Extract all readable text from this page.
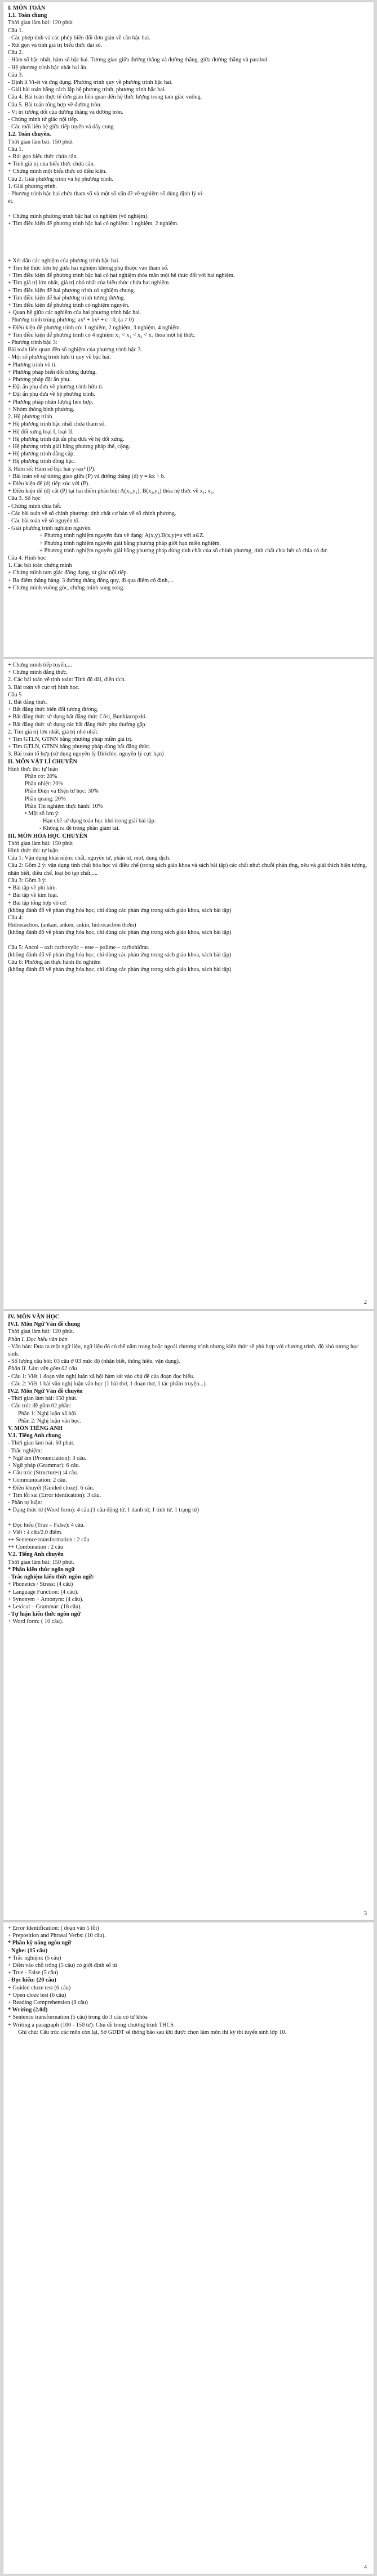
I. MÔN TOÁN
1.1. Toán chung
Thời gian làm bài: 120 phút
Câu 1.
- Các phép tính và các phép biến đổi đơn giản về căn bậc hai.
- Rút gọn và tính giá trị biểu thức đại số.
Câu 2.
- Hàm số bậc nhất, hàm số bậc hai. Tương giao giữa đường thẳng và đường thẳng, giữa đường thẳng và parabol.
- Hệ phương trình bậc nhất hai ẩn.
Câu 3.
- Định lí Vi-ét và ứng dụng. Phương trình quy về phương trình bậc hai.
- Giải bài toán bằng cách lập hệ phương trình, phương trình bậc hai.
Câu 4. Bài toán thực tế đơn giản liên quan đến hệ thức lượng trong tam giác vuông.
Câu 5. Bài toán tổng hợp về đường tròn.
- Vị trí tương đối của đường thẳng và đường tròn.
- Chứng minh tứ giác nội tiếp.
- Các mối liên hệ giữa tiếp tuyến và dây cung.
1.2. Toán chuyên.
Thời gian làm bài: 150 phút
Câu 1.
+ Rút gọn biểu thức chứa căn.
+ Tính giá trị của biểu thức chứa căn.
+ Chứng minh một biểu thức có điều kiện.
Câu 2. Giải phương trình và hệ phương trình.
1. Giải phương trình.
- Phương trình bậc hai chứa tham số và một số vấn đề về nghiệm số dùng định lý vi-
ét.
+ Chứng minh phương trình bậc hai có nghiệm (vô nghiệm).
+ Tìm điều kiện để phương trình bậc hai có nghiệm: 1 nghiệm, 2 nghiệm.
+ Xét dấu các nghiệm của phương trình bậc hai.
+ Tìm hệ thức liên hệ giữa hai nghiệm không phụ thuộc vào tham số.
+ Tìm điều kiện để phương trình bậc hai có hai nghiệm thỏa mãn một hệ thức đối với hai nghiệm.
+ Tìm giá trị lớn nhất, giá trị nhỏ nhất của biểu thức chứa hai nghiệm.
+ Tìm điều kiện để hai phương trình có nghiệm chung.
+ Tìm điều kiện để hai phương trình tương đương.
+ Tìm điều kiện để phương trình có nghiệm nguyên.
+ Quan hệ giữa các nghiệm của hai phương trình bậc hai.
- Phương trình trùng phương: ax⁴ + bx² + c =0, (a ≠ 0)
+ Điều kiện để phương trình có: 1 nghiệm, 2 nghiệm, 3 nghiệm, 4 nghiệm.
+ Tìm điều kiện để phương trình có 4 nghiệm x₁ < x₂ < x₃ < x₄ thỏa một hệ thức.
- Phương trình bậc 3:
Bài toán liên quan đến số nghiệm của phương trình bậc 3.
- Một số phương trình hữu tỉ quy về bậc hai.
+ Phương trình vô tỉ.
+ Phương pháp biến đổi tương đương.
+ Phương pháp đặt ẩn phụ.
+ Đặt ẩn phụ đưa về phương trình hữu tỉ.
+ Đặt ẩn phụ đưa về hệ phương trình.
+ Phương pháp nhân lượng liên hợp.
+ Nhóm thông bình phương.
2. Hệ phương trình
+ Hệ phương trình bậc nhất chứa tham số.
+ Hệ đối xứng loại I, loại II.
+ Hệ phương trình đặt ẩn phụ đưa về hệ đối xứng.
+ Hệ phương trình giải bằng phương pháp thế, cộng.
+ Hệ phương trình đẳng cấp.
+ Hệ phương trình đồng bậc.
3. Hàm số: Hàm số bậc hai y=ax² (P).
+ Bài toán về sự tương giao giữa (P) và đường thẳng (d) y = kx + b.
+ Điều kiện để (d) tiếp xúc với (P).
+ Điều kiện để (d) cắt (P) tại hai điểm phân biệt A(x₁,y₁), B(x₂,y₂) thỏa hệ thức về x₁; x₂.
Câu 3. Số học
- Chứng minh chia hết.
- Các bài toán về số chính phương: tính chất cơ bản về số chính phương.
- Các bài toán về số nguyên tố.
- Giải phương trình nghiệm nguyên.
+ Phương trình nghiệm nguyên đưa về dạng: A(x,y).B(x,y)=a với a∈Z.
+ Phương trình nghiệm nguyên giải bằng phương pháp giới hạn miền nghiệm.
+ Phương trình nghiệm nguyên giải bằng phương pháp dùng tính chất của số chính phương, tính chất chia hết và chia có dư.
Câu 4. Hình học
1. Các bài toán chứng minh
+ Chứng minh tam giác đồng dạng, tứ giác nội tiếp.
+ Ba điểm thẳng hàng, 3 đường thẳng đồng quy, đi qua điểm cố định,...
+ Chứng minh vuông góc, chứng minh song song.
+ Chứng minh tiếp tuyến,...
+ Chứng minh đẳng thức.
2. Các bài toán về tính toán: Tính độ dài, diện tích.
3. Bài toán về cực trị hình học.
Câu 5
1. Bất đẳng thức.
+ Bất đẳng thức biến đổi tương đương.
+ Bất đẳng thức sử dụng bất đẳng thức Côsi, Bunhiacopxki.
+ Bất đẳng thức sử dụng các bất đẳng thức phụ thường gặp.
2. Tìm giá trị lớn nhất, giá trị nhỏ nhất.
+ Tìm GTLN, GTNN bằng phương pháp miền giá trị.
+ Tìm GTLN, GTNN bằng phương pháp dùng bất đẳng thức.
3. Bài toán tổ hợp (sử dụng nguyên lý Dirichle, nguyên lý cực hạn)
II. MÔN VẬT LÍ CHUYÊN
Hình thức thi: tự luận
Phần cơ: 20%
Phần nhiệt: 20%
Phần Điện và Điện từ học: 30%
Phần quang: 20%
Phần Thí nghiệm thực hành: 10%
• Một số lưu ý:
- Hạn chế sử dụng toán học khó trong giải bài tập.
- Không ra đề trong phần giảm tải.
III. MÔN HÓA HỌC CHUYÊN
Thời gian làm bài: 150 phút
Hình thức thi: tự luận
Câu 1: Vận dụng khái niệm: chất, nguyên tử, phân tử, mol, dung dịch.
Câu 2: Gồm 2 ý: vận dụng tính chất hóa học và điều chế (trong sách giáo khoa và sách bài tập) các chất như: chuỗi phản ứng, nêu và giải thích hiện tượng, nhận biết, điều chế, loại bỏ tạp chất,....
Câu 3: Gồm 3 ý:
+ Bài tập về phi kim.
+ Bài tập về kim loại.
+ Bài tập tổng hợp vô cơ.
(không đánh đố về phản ứng hóa học, chỉ dùng các phản ứng trong sách giáo khoa, sách bài tập)
Câu 4:
Hidrocacbon. (ankan, anken, ankin, hidrocacbon thơm)
(không đánh đố về phản ứng hóa học, chỉ dùng các phản ứng trong sách giáo khoa, sách bài tập)
Câu 5: Ancol – axit carboxylic – este – polime – carbohiđrat.
(không đánh đố về phản ứng hóa học, chỉ dùng các phản ứng trong sách giáo khoa, sách bài tập)
Câu 6: Phương án thực hành thí nghiệm
(không đánh đố về phản ứng hóa học, chỉ dùng các phản ứng trong sách giáo khoa, sách bài tập)
2
IV. MÔN VĂN HỌC
IV.1. Môn Ngữ Văn đề chung
Thời gian làm bài: 120 phút.
Phần I. Đọc hiểu văn bản
- Văn bản: Đưa ra một ngữ liệu, ngữ liệu đó có thể nằm trong hoặc ngoài chương trình nhưng kiến thức sẽ phù hợp với chương trình, độ khó tương học sinh.
- Số lượng câu hỏi: 03 câu ở 03 mức độ (nhận biết, thông hiểu, vận dụng).
Phần II. Làm văn gồm 02 câu
- Câu 1: Viết 1 đoạn văn nghị luận xã hội hàm sát vào chủ đề của đoạn đọc hiểu.
- Câu 2: Viết 1 bài văn nghị luận văn học (1 bài thơ, 1 đoạn thơ, 1 tác phẩm truyện...).
IV.2. Môn Ngữ Văn đề chuyên
- Thời gian làm bài: 150 phút.
- Cấu trúc đề gồm 02 phần:
Phần 1: Nghị luận xã hội.
Phần 2: Nghị luận văn học.
V. MÔN TIẾNG ANH
V.1. Tiếng Anh chung
- Thời gian làm bài: 60 phút.
- Trắc nghiệm:
+ Ngữ âm (Pronunciation): 3 câu.
+ Ngữ pháp (Grammar): 6 câu.
+ Cấu trúc (Structures) :4 câu.
+ Communication: 2 câu.
+ Điền khuyết (Guided cloze): 6 câu.
+ Tìm lỗi sai (Error identication): 3 câu.
- Phần tự luận:
+ Dạng thức từ (Word form): 4 câu.(1 câu động từ, 1 danh từ, 1 tính từ, 1 trạng từ)
+ Đọc hiểu (True – False): 4 câu.
+ Viết : 4 câu/2.0 điểm.
++ Sentence transformation : 2 câu
++ Combination : 2 câu
V.2. Tiếng Anh chuyên
Thời gian làm bài: 150 phút.
* Phần kiến thức ngôn ngữ
- Trắc nghiệm kiến thức ngôn ngữ:
+ Phonetics / Stress: (4 câu)
+ Language Function: (4 câu).
+ Synonym + Antonym: (4 câu).
+ Lexical – Grammar: (18 câu).
- Tự luận kiến thức ngôn ngữ
+ Word form: ( 10 câu).
3
+ Error Identification: ( đoạn văn 5 lỗi)
+ Preposition and Phrasal Verbs: (10 câu).
* Phần kỹ năng ngôn ngữ
- Nghe: (15 câu)
+ Trắc nghiệm: (5 câu)
+ Điền vào chỗ trống (5 câu) có giới định số từ
+ True - False (5 câu)
- Đọc hiểu: (20 câu)
+ Guided cloze test (6 câu)
+ Open cloze test (6 câu)
+ Reading Comprehension (8 câu)
* Writing (2.0đ)
+ Sentence transformation (5 câu) trong đó 3 câu có từ khóa
+ Writing a paragraph (100 - 150 từ): Chủ đề trong chương trình THCS
Ghi chú: Cấu trúc các môn còn lại, Sở GDĐT sẽ thông báo sau khi được chọn làm môn thi kỳ thi tuyển sinh lớp 10.
4
